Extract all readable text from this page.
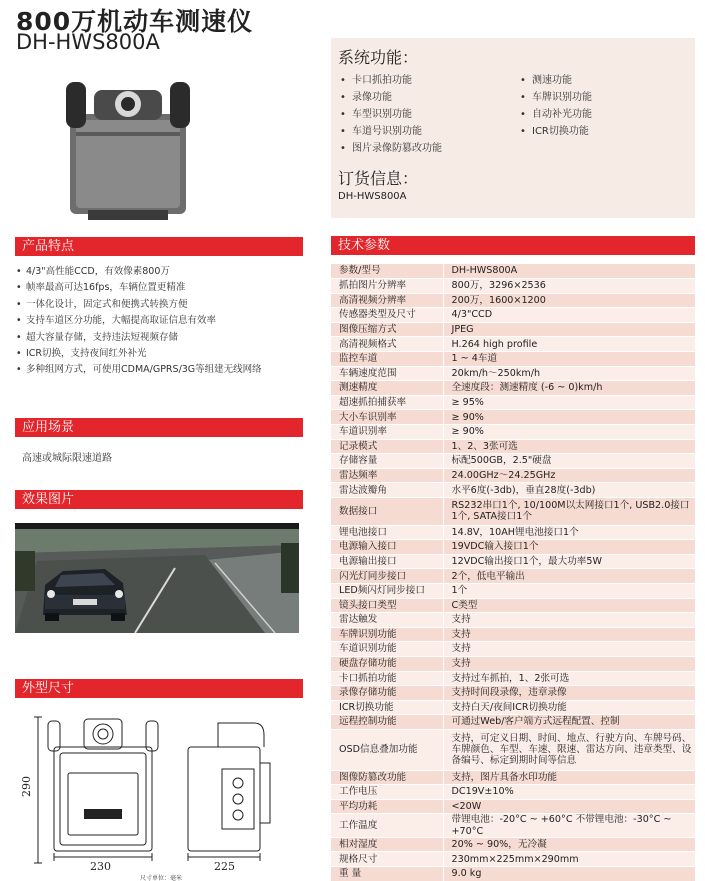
800万机动车测速仪
DH-HWS800A
系统功能：
• 卡口抓拍功能	• 测速功能
• 录像功能	• 车牌识别功能
• 车型识别功能	• 自动补光功能
• 车道号识别功能	• ICR切换功能
• 图片录像防篡改功能
订货信息：
DH-HWS800A
产品特点	技术参数
应用场景
效果图片
外型尺寸
• 4/3"高性能CCD，有效像素800万
• 帧率最高可达16fps，车辆位置更精准
• 一体化设计，固定式和便携式转换方便
• 支持车道区分功能，大幅提高取证信息有效率
• 超大容量存储，支持违法短视频存储
• ICR切换，支持夜间红外补光
• 多种组网方式，可使用CDMA/GPRS/3G等组建无线网络
高速或城际限速道路
290
230	225
尺寸单位：毫米
参数/型号	DH-HWS800A
抓拍图片分辨率	800万，3296×2536
高清视频分辨率	200万，1600×1200
传感器类型及尺寸	4/3"CCD
图像压缩方式	JPEG
高清视频格式	H.264 high profile
监控车道	1 ~ 4车道
车辆速度范围	20km/h～250km/h
测速精度	全速度段：测速精度 (-6 ~ 0)km/h
超速抓拍捕获率	≥ 95%
大小车识别率	≥ 90%
车道识别率	≥ 90%
记录模式	1、2、3张可选
存储容量	标配500GB，2.5"硬盘
雷达频率	24.00GHz～24.25GHz
雷达波瓣角	水平6度(-3db)，垂直28度(-3db)
数据接口	RS232串口1个, 10/100M以太网接口1个, USB2.0接口1个, SATA接口1个
锂电池接口	14.8V，10AH锂电池接口1个
电源输入接口	19VDC输入接口1个
电源输出接口	12VDC输出接口1个，最大功率5W
闪光灯同步接口	2个，低电平输出
LED频闪灯同步接口	1个
镜头接口类型	C类型
雷达触发	支持
车牌识别功能	支持
车道识别功能	支持
硬盘存储功能	支持
卡口抓拍功能	支持过车抓拍，1、2张可选
录像存储功能	支持时间段录像，违章录像
ICR切换功能	支持白天/夜间ICR切换功能
远程控制功能	可通过Web/客户端方式远程配置、控制
OSD信息叠加功能	支持，可定义日期、时间、地点、行驶方向、车牌号码、车牌颜色、车型、车速、限速、雷达方向、违章类型、设备编号、标定到期时间等信息
图像防篡改功能	支持，图片具备水印功能
工作电压	DC19V±10%
平均功耗	<20W
工作温度	带锂电池：-20°C ~ +60°C 不带锂电池：-30°C ~ +70°C
相对湿度	20% ~ 90%，无冷凝
规格尺寸	230mm×225mm×290mm
重 量	9.0 kg
